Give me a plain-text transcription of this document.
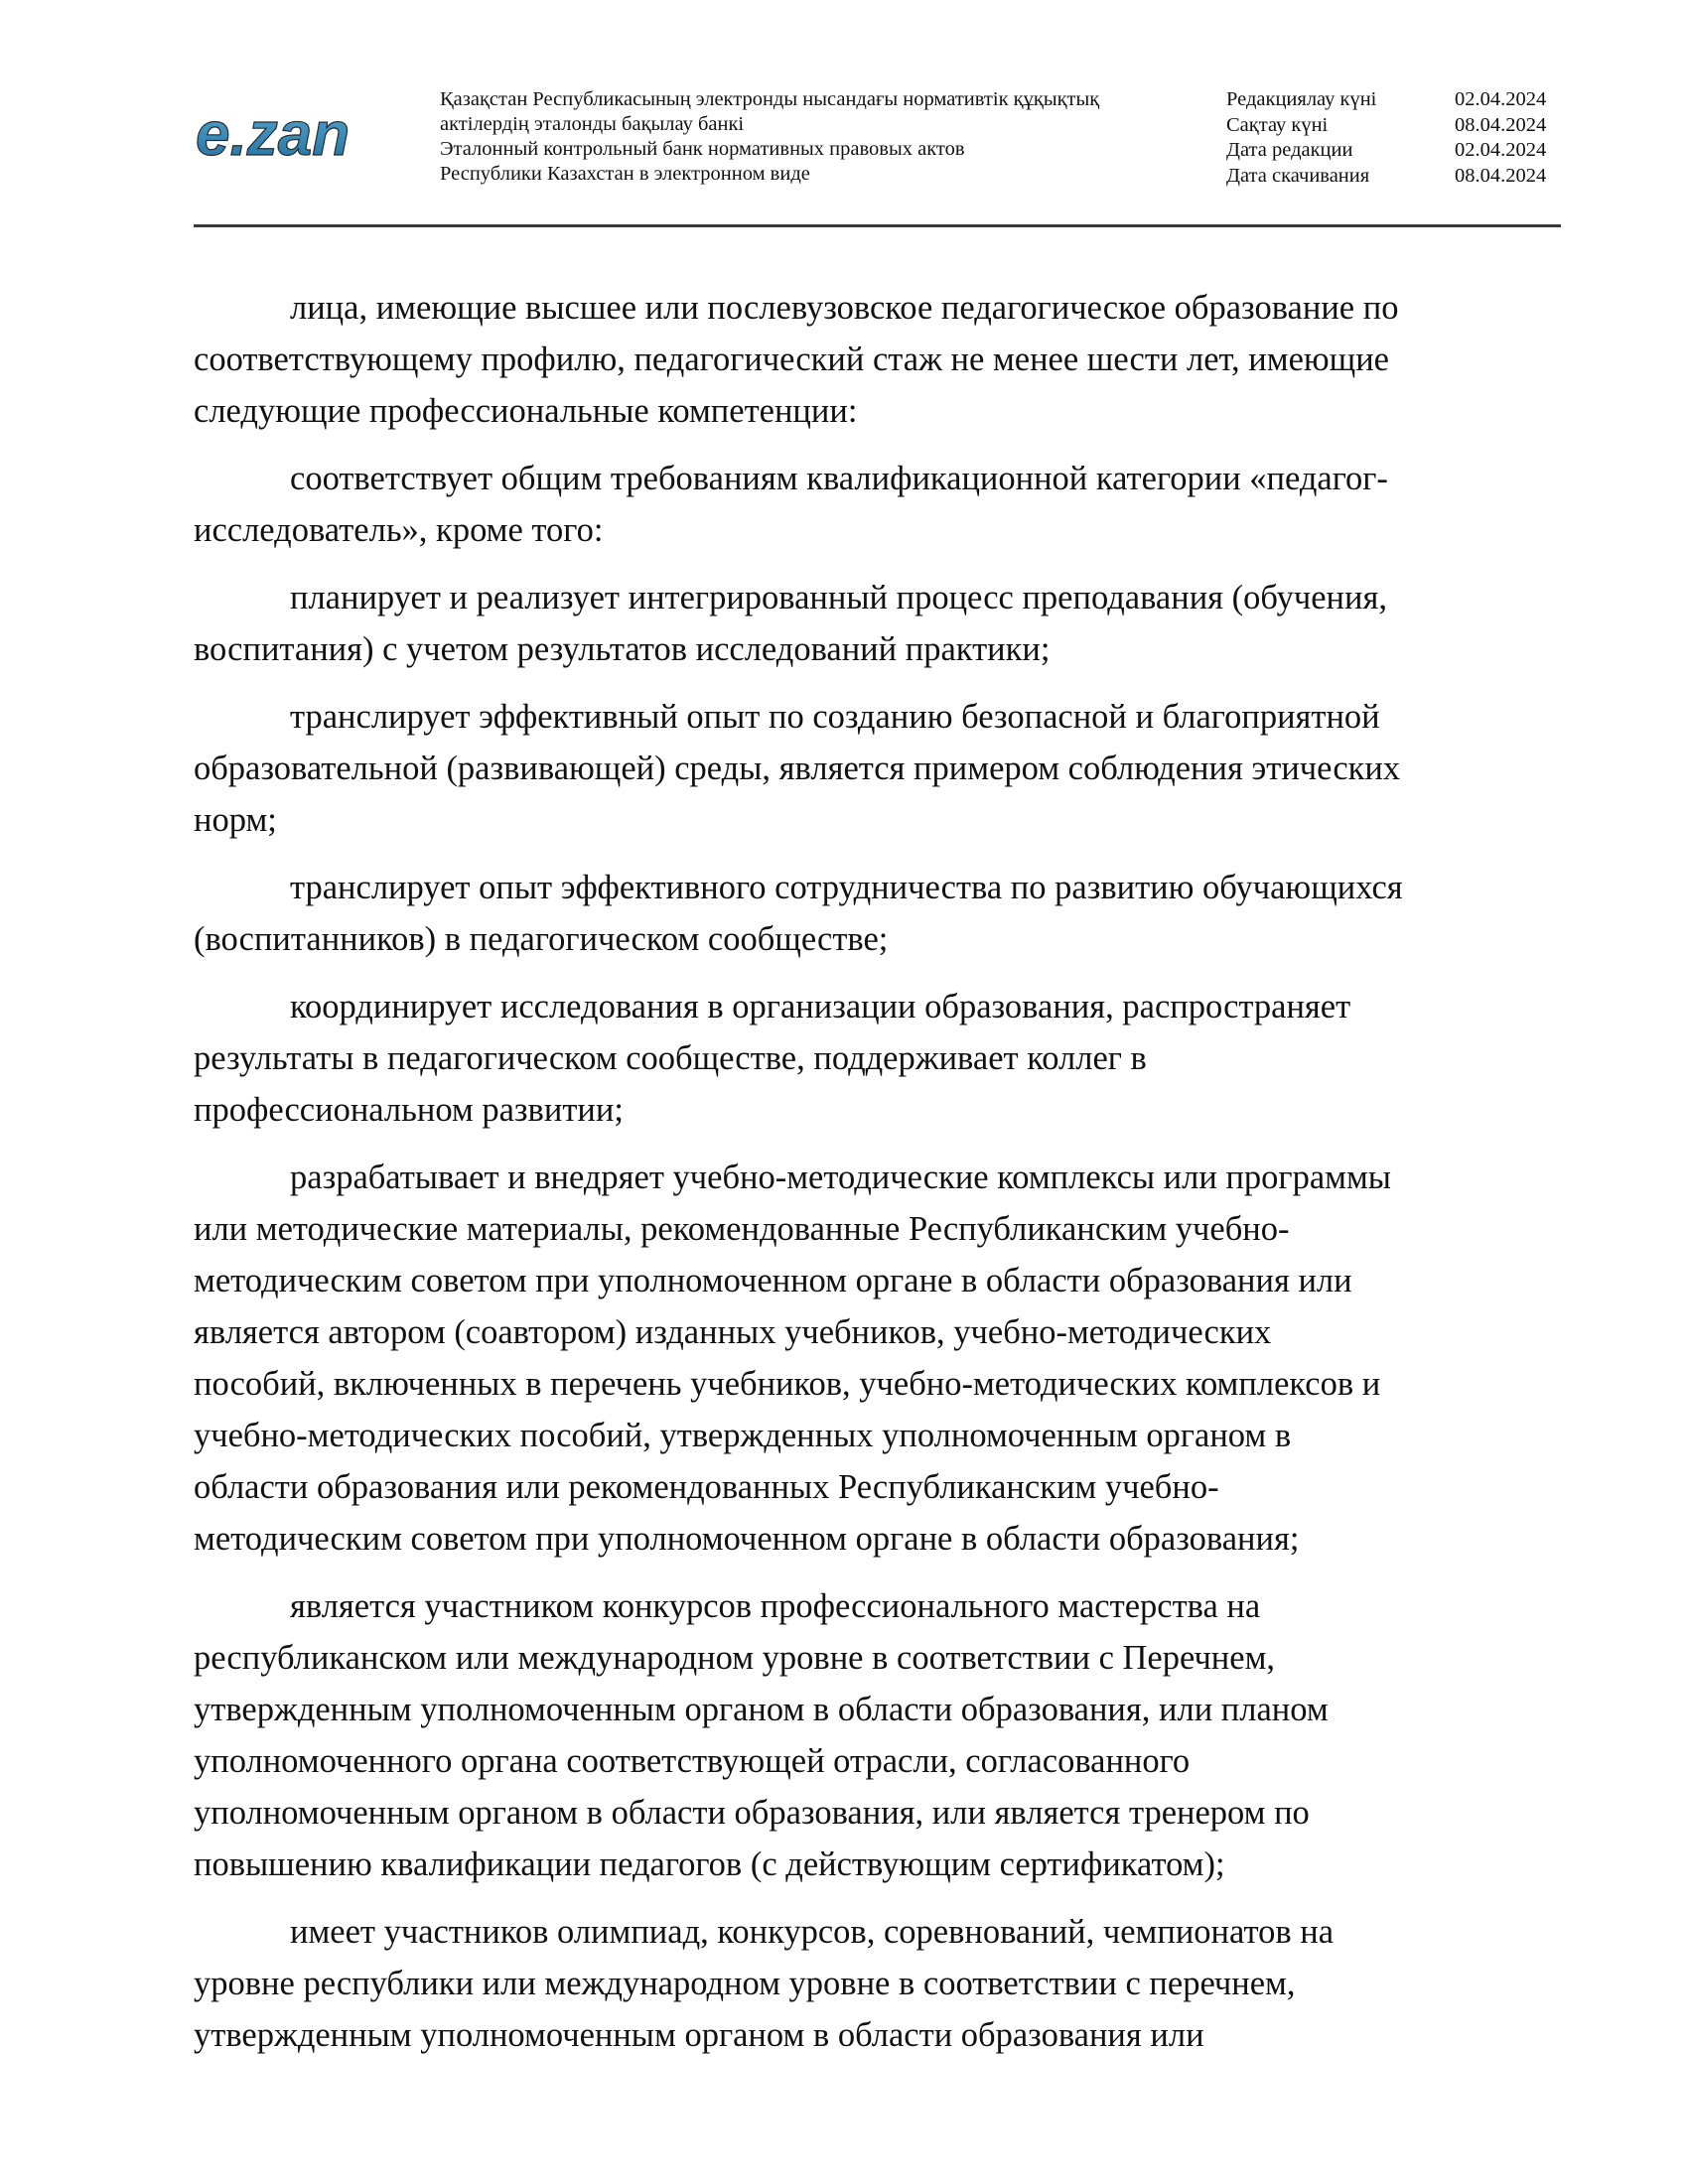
e.zan
Қазақстан Республикасының электронды нысандағы нормативтік құқықтық
актілердің эталонды бақылау банкі
Эталонный контрольный банк нормативных правовых актов
Республики Казахстан в электронном виде
Редакциялау күні	02.04.2024
Сақтау күні	08.04.2024
Дата редакции	02.04.2024
Дата скачивания	08.04.2024
лица, имеющие высшее или послевузовское педагогическое образование по
соответствующему профилю, педагогический стаж не менее шести лет, имеющие
следующие профессиональные компетенции:
соответствует общим требованиям квалификационной категории «педагог-
исследователь», кроме того:
планирует и реализует интегрированный процесс преподавания (обучения,
воспитания) с учетом результатов исследований практики;
транслирует эффективный опыт по созданию безопасной и благоприятной
образовательной (развивающей) среды, является примером соблюдения этических
норм;
транслирует опыт эффективного сотрудничества по развитию обучающихся
(воспитанников) в педагогическом сообществе;
координирует исследования в организации образования, распространяет
результаты в педагогическом сообществе, поддерживает коллег в
профессиональном развитии;
разрабатывает и внедряет учебно-методические комплексы или программы
или методические материалы, рекомендованные Республиканским учебно-
методическим советом при уполномоченном органе в области образования или
является автором (соавтором) изданных учебников, учебно-методических
пособий, включенных в перечень учебников, учебно-методических комплексов и
учебно-методических пособий, утвержденных уполномоченным органом в
области образования или рекомендованных Республиканским учебно-
методическим советом при уполномоченном органе в области образования;
является участником конкурсов профессионального мастерства на
республиканском или международном уровне в соответствии с Перечнем,
утвержденным уполномоченным органом в области образования, или планом
уполномоченного органа соответствующей отрасли, согласованного
уполномоченным органом в области образования, или является тренером по
повышению квалификации педагогов (с действующим сертификатом);
имеет участников олимпиад, конкурсов, соревнований, чемпионатов на
уровне республики или международном уровне в соответствии с перечнем,
утвержденным уполномоченным органом в области образования или
